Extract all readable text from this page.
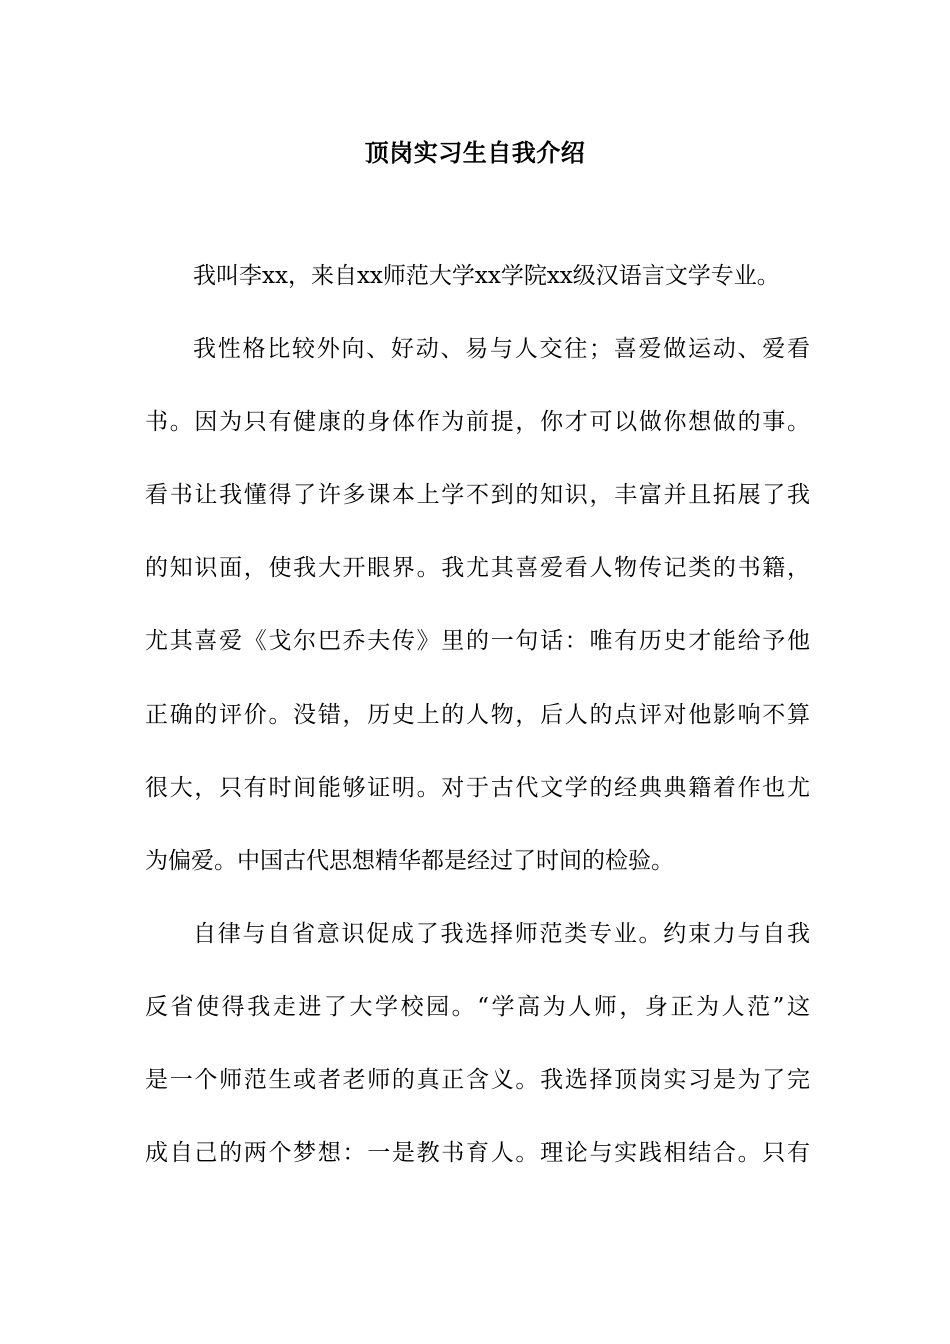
顶岗实习生自我介绍
我叫李xx，来自xx师范大学xx学院xx级汉语言文学专业。
我性格比较外向、好动、易与人交往；喜爱做运动、爱看
书。因为只有健康的身体作为前提，你才可以做你想做的事。
看书让我懂得了许多课本上学不到的知识，丰富并且拓展了我
的知识面，使我大开眼界。我尤其喜爱看人物传记类的书籍，
尤其喜爱《戈尔巴乔夫传》里的一句话：唯有历史才能给予他
正确的评价。没错，历史上的人物，后人的点评对他影响不算
很大，只有时间能够证明。对于古代文学的经典典籍着作也尤
为偏爱。中国古代思想精华都是经过了时间的检验。
自律与自省意识促成了我选择师范类专业。约束力与自我
反省使得我走进了大学校园。“学高为人师，身正为人范”这
是一个师范生或者老师的真正含义。我选择顶岗实习是为了完
成自己的两个梦想：一是教书育人。理论与实践相结合。只有
